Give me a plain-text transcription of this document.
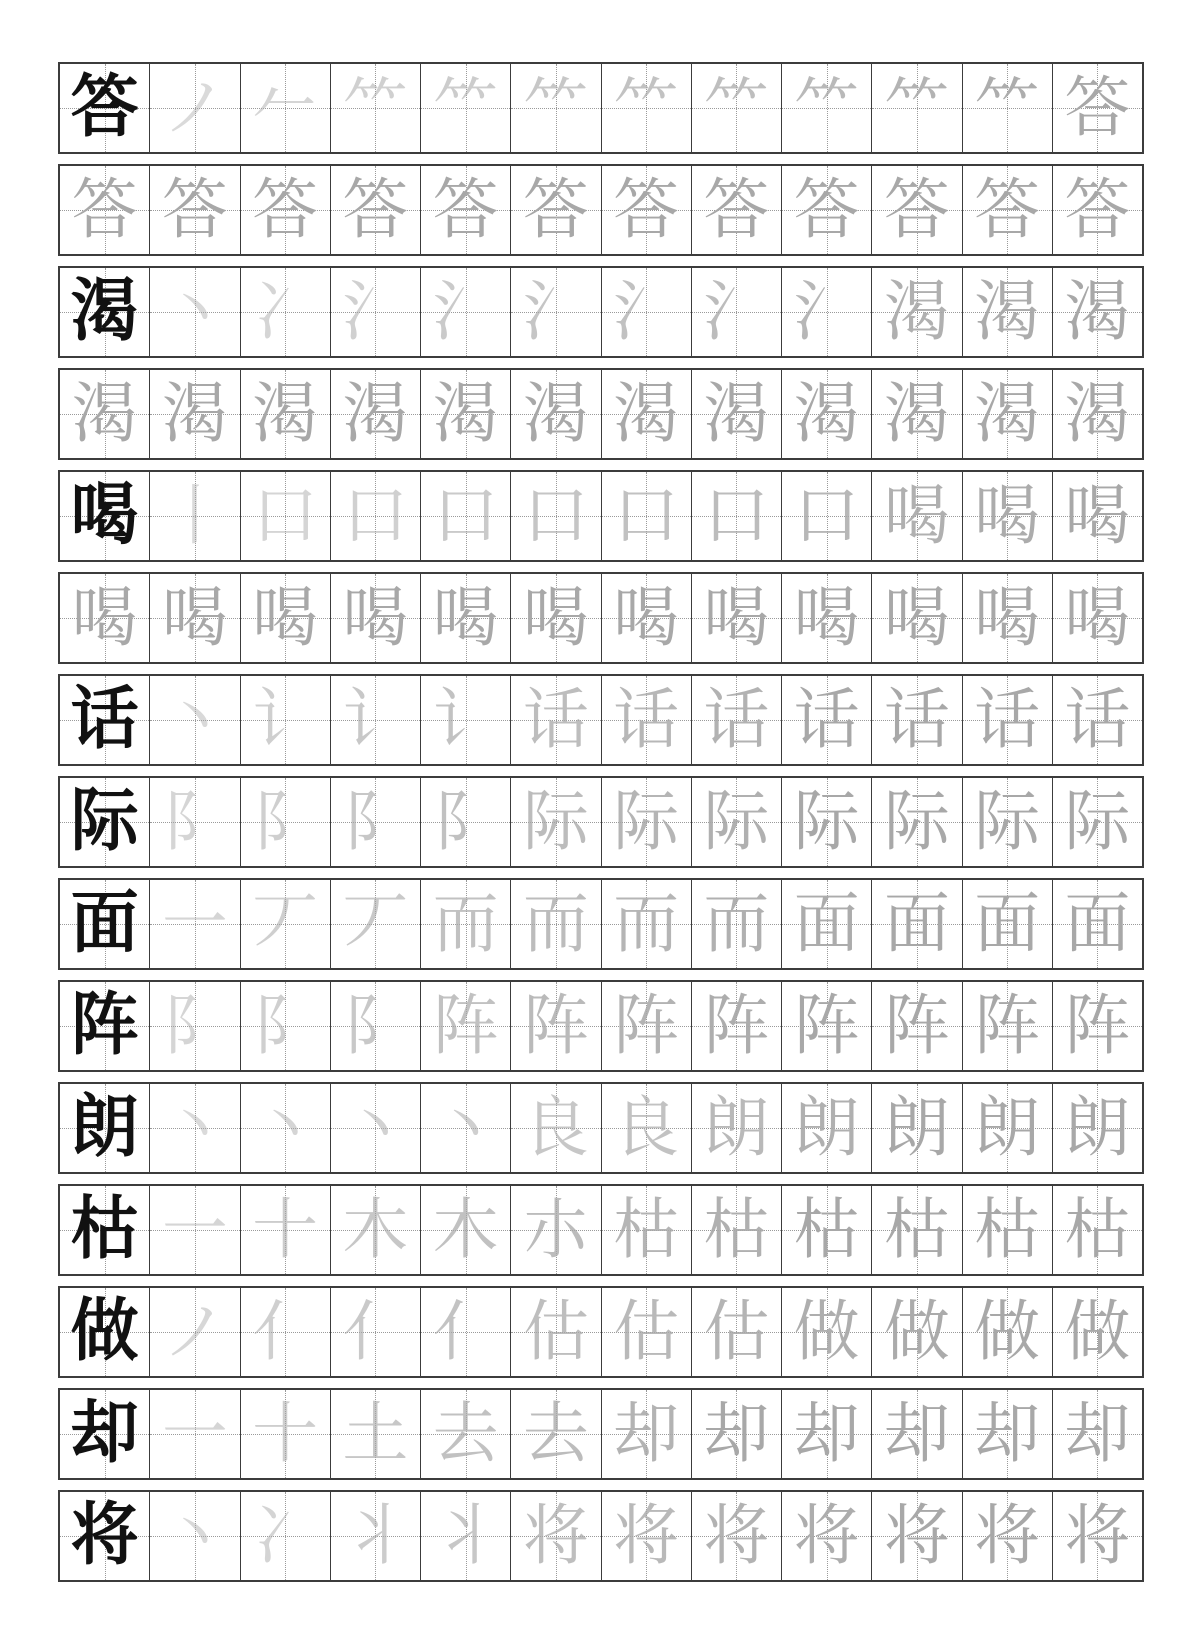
答 ノ 𠂉 ⺮ ⺮ ⺮ ⺮ ⺮ ⺮ ⺮ ⺮ 答
答 答 答 答 答 答 答 答 答 答 答 答
渴 丶 冫 氵 氵 氵 氵 氵 氵 渴 渴 渴
渴 渴 渴 渴 渴 渴 渴 渴 渴 渴 渴 渴
喝 丨 口 口 口 口 口 口 口 喝 喝 喝
喝 喝 喝 喝 喝 喝 喝 喝 喝 喝 喝 喝
话 丶 讠 讠 讠 话 话 话 话 话 话 话
际 阝 阝 阝 阝 际 际 际 际 际 际 际
面 一 丆 丆 而 而 而 而 面 面 面 面
阵 阝 阝 阝 阵 阵 阵 阵 阵 阵 阵 阵
朗 丶 丶 丶 丶 良 良 朗 朗 朗 朗 朗
枯 一 十 木 木 朩 枯 枯 枯 枯 枯 枯
做 ノ 亻 亻 亻 估 估 估 做 做 做 做
却 一 十 土 去 去 却 却 却 却 却 却
将 丶 冫 丬 丬 将 将 将 将 将 将 将
